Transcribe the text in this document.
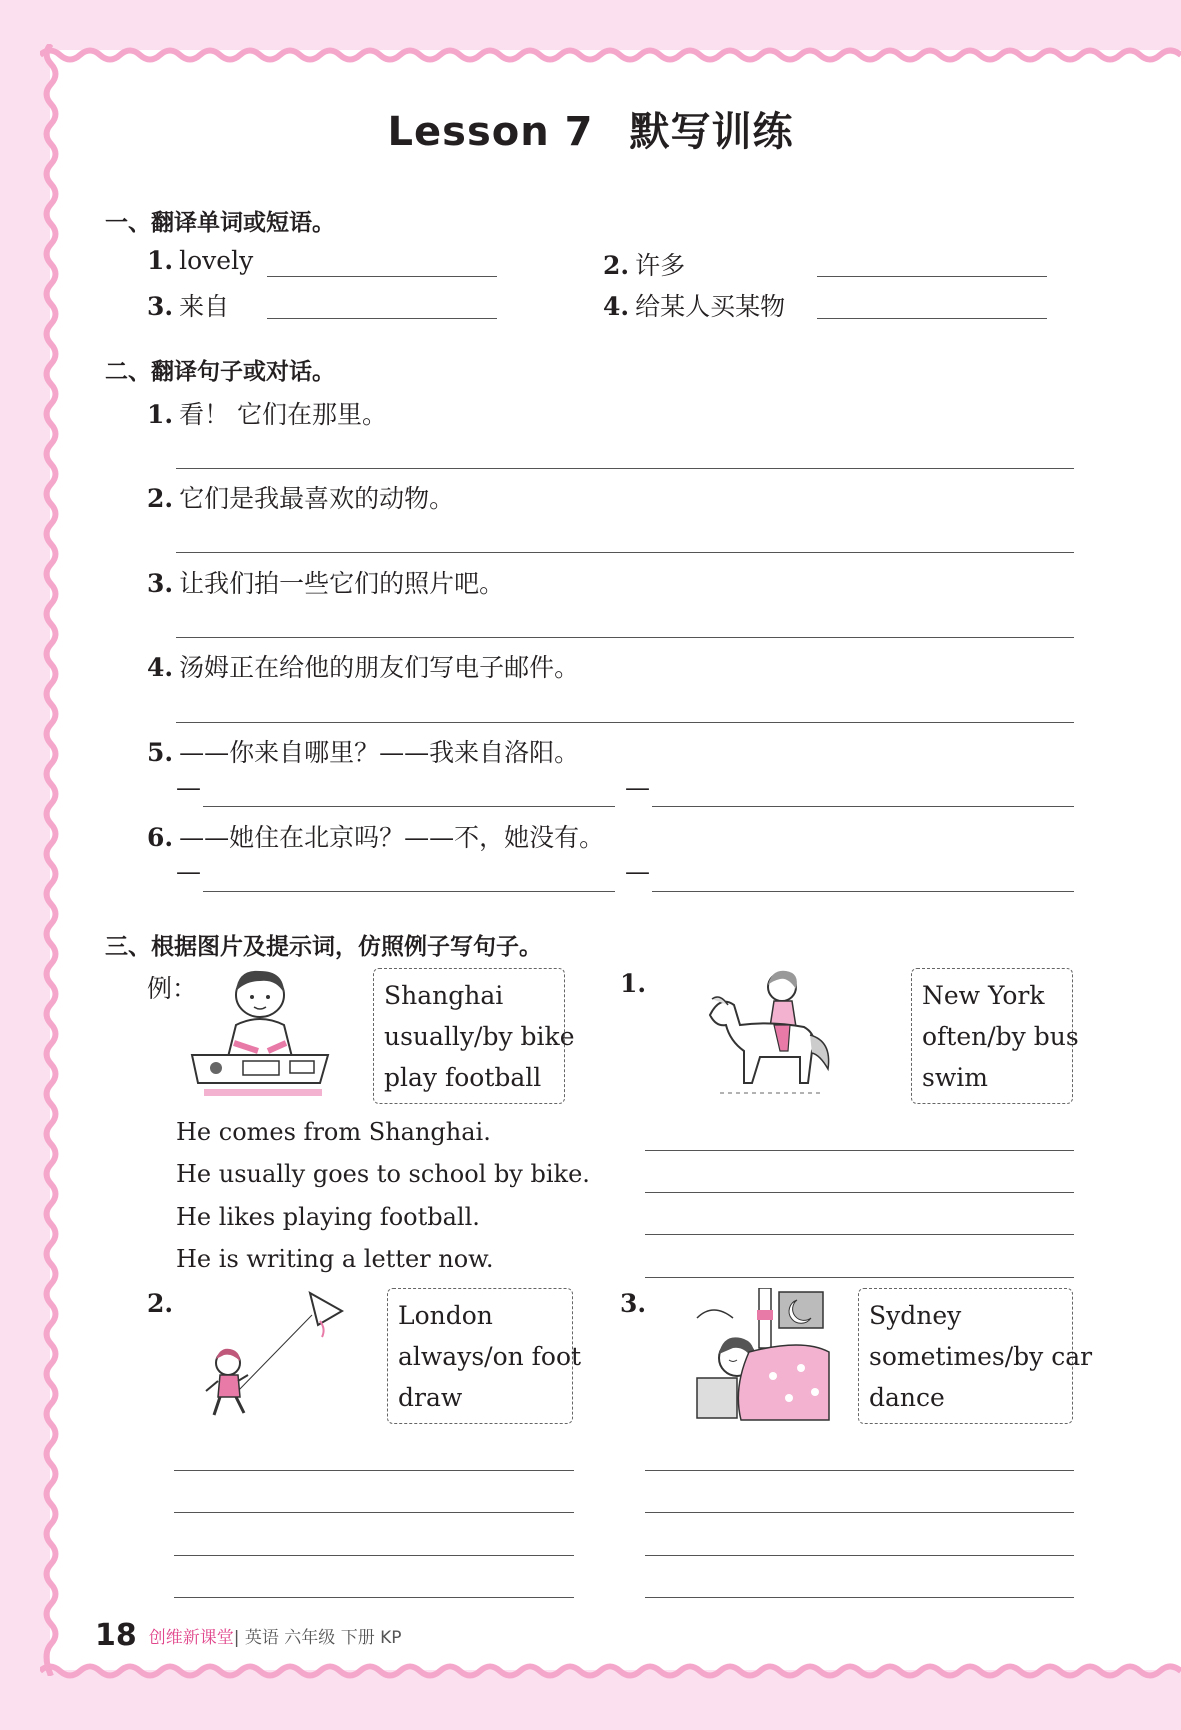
Lesson 7 默写训练
一、翻译单词或短语。
1. lovely	2. 许多
3. 来自	4. 给某人买某物
二、翻译句子或对话。
1. 看！ 它们在那里。
2. 它们是我最喜欢的动物。
3. 让我们拍一些它们的照片吧。
4. 汤姆正在给他的朋友们写电子邮件。
5. ——你来自哪里？——我来自洛阳。
—	—
6. ——她住在北京吗？——不，她没有。
—	—
三、根据图片及提示词，仿照例子写句子。
例：	Shanghai
usually/by bike
play football
1.	New York
often/by bus
swim
He comes from Shanghai.
He usually goes to school by bike.
He likes playing football.
He is writing a letter now.
2.	London
always/on foot
draw
3.	Sydney
sometimes/by car
dance
18 创维新课堂| 英语 六年级 下册 KP
